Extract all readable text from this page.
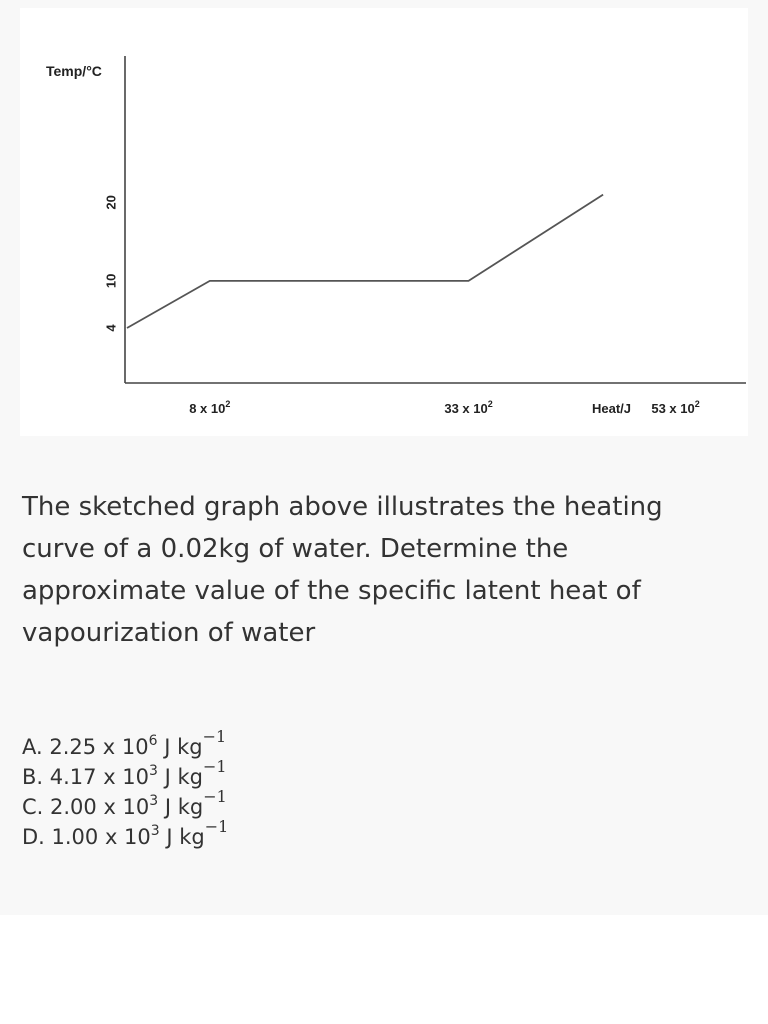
Temp/°C
20
10
4
8 x $10^2$	33 x $10^2$	53 x $10^2$
Heat/J

The sketched graph above illustrates the heating curve of a 0.02kg of water. Determine the approximate value of the specific latent heat of vapourization of water

A. 2.25 x $10^6$ J $kg^{-1}$
B. 4.17 x $10^3$ J $kg^{-1}$
C. 2.00 x $10^3$ J $kg^{-1}$
D. 1.00 x $10^3$ J $kg^{-1}$
